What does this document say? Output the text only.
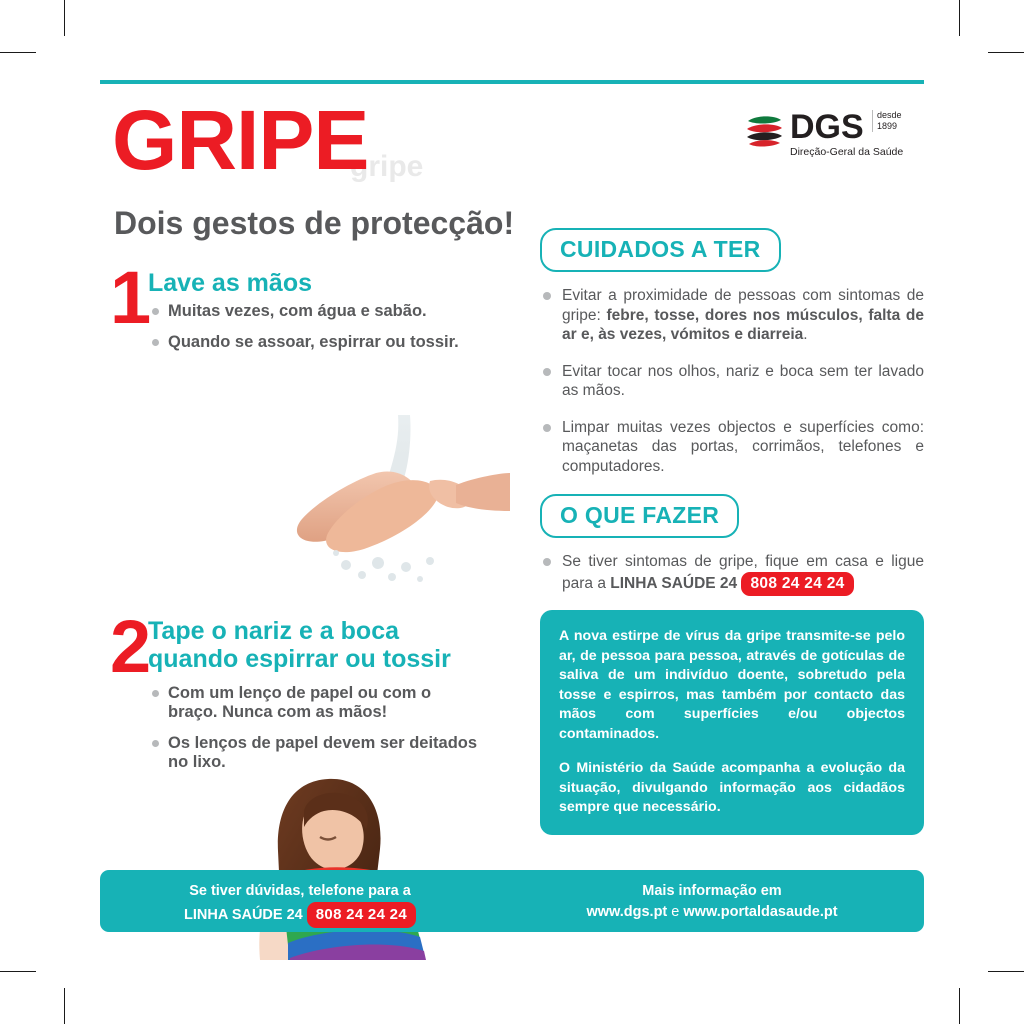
gripe
GRIPE
Dois gestos de protecção!
DGS	desde
1899
Direção-Geral da Saúde
1
Lave as mãos
Muitas vezes, com água e sabão.
Quando se assoar, espirrar ou tossir.
2
Tape o nariz e a boca
quando espirrar ou tossir
Com um lenço de papel ou com o braço. Nunca com as mãos!
Os lenços de papel devem ser deitados no lixo.
CUIDADOS A TER
Evitar a proximidade de pessoas com sintomas de gripe: febre, tosse, dores nos músculos, falta de ar e, às vezes, vómitos e diarreia.
Evitar tocar nos olhos, nariz e boca sem ter lavado as mãos.
Limpar muitas vezes objectos e superfícies como: maçanetas das portas, corrimãos, telefones e computadores.
O QUE FAZER
Se tiver sintomas de gripe, fique em casa e ligue para a LINHA SAÚDE 24 808 24 24 24

A nova estirpe de vírus da gripe transmite-se pelo ar, de pessoa para pessoa, através de gotículas de saliva de um indivíduo doente, sobretudo pela tosse e espirros, mas também por contacto das mãos com superfícies e/ou objectos contaminados.

O Ministério da Saúde acompanha a evolução da situação, divulgando informação aos cidadãos sempre que necessário.

Se tiver dúvidas, telefone para a
LINHA SAÚDE 24 808 24 24 24
Mais informação em
www.dgs.pt e www.portaldasaude.pt
